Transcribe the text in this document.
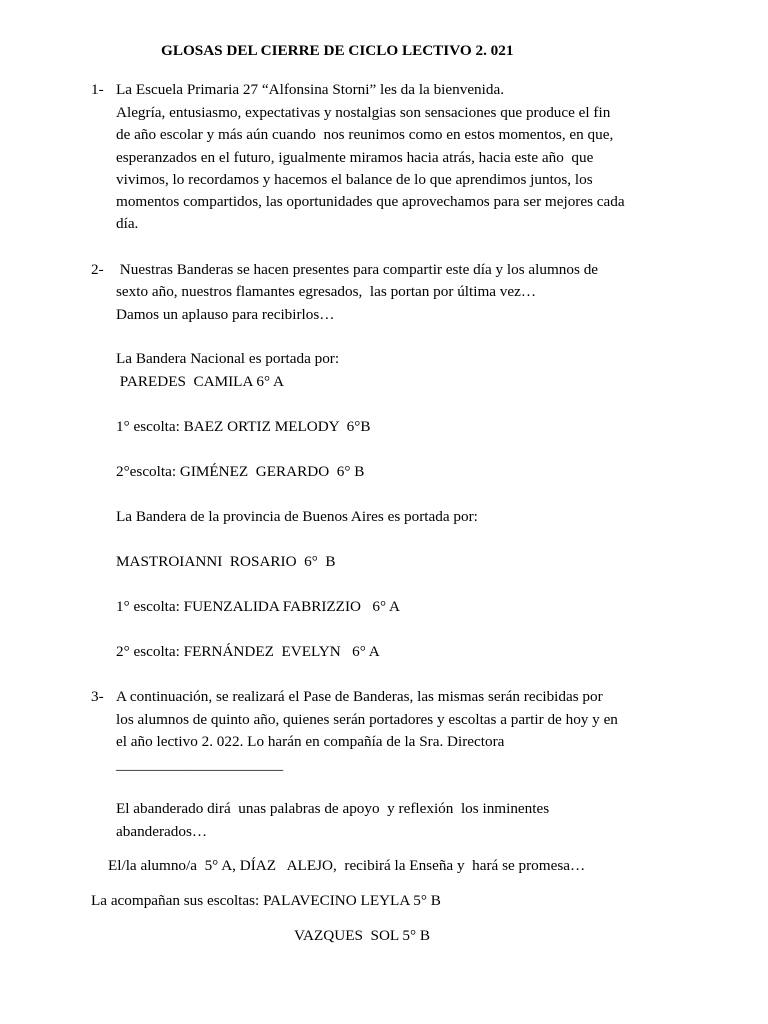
GLOSAS DEL CIERRE DE CICLO LECTIVO 2. 021
1- La Escuela Primaria 27 “Alfonsina Storni” les da la bienvenida.
Alegría, entusiasmo, expectativas y nostalgias son sensaciones que produce el fin
de año escolar y más aún cuando  nos reunimos como en estos momentos, en que,
esperanzados en el futuro, igualmente miramos hacia atrás, hacia este año  que
vivimos, lo recordamos y hacemos el balance de lo que aprendimos juntos, los
momentos compartidos, las oportunidades que aprovechamos para ser mejores cada
día.
2- Nuestras Banderas se hacen presentes para compartir este día y los alumnos de
sexto año, nuestros flamantes egresados,  las portan por última vez…
Damos un aplauso para recibirlos…
La Bandera Nacional es portada por:
PAREDES  CAMILA 6° A
1° escolta: BAEZ ORTIZ MELODY  6°B
2°escolta: GIMÉNEZ  GERARDO  6° B
La Bandera de la provincia de Buenos Aires es portada por:
MASTROIANNI  ROSARIO  6°  B
1° escolta: FUENZALIDA FABRIZZIO   6° A
2° escolta: FERNÁNDEZ  EVELYN   6° A
3- A continuación, se realizará el Pase de Banderas, las mismas serán recibidas por
los alumnos de quinto año, quienes serán portadores y escoltas a partir de hoy y en
el año lectivo 2. 022. Lo harán en compañía de la Sra. Directora
______________________
El abanderado dirá  unas palabras de apoyo  y reflexión  los inminentes
abanderados…
El/la alumno/a  5° A, DÍAZ   ALEJO,  recibirá la Enseña y  hará se promesa…
La acompañan sus escoltas: PALAVECINO LEYLA 5° B
VAZQUES  SOL 5° B
